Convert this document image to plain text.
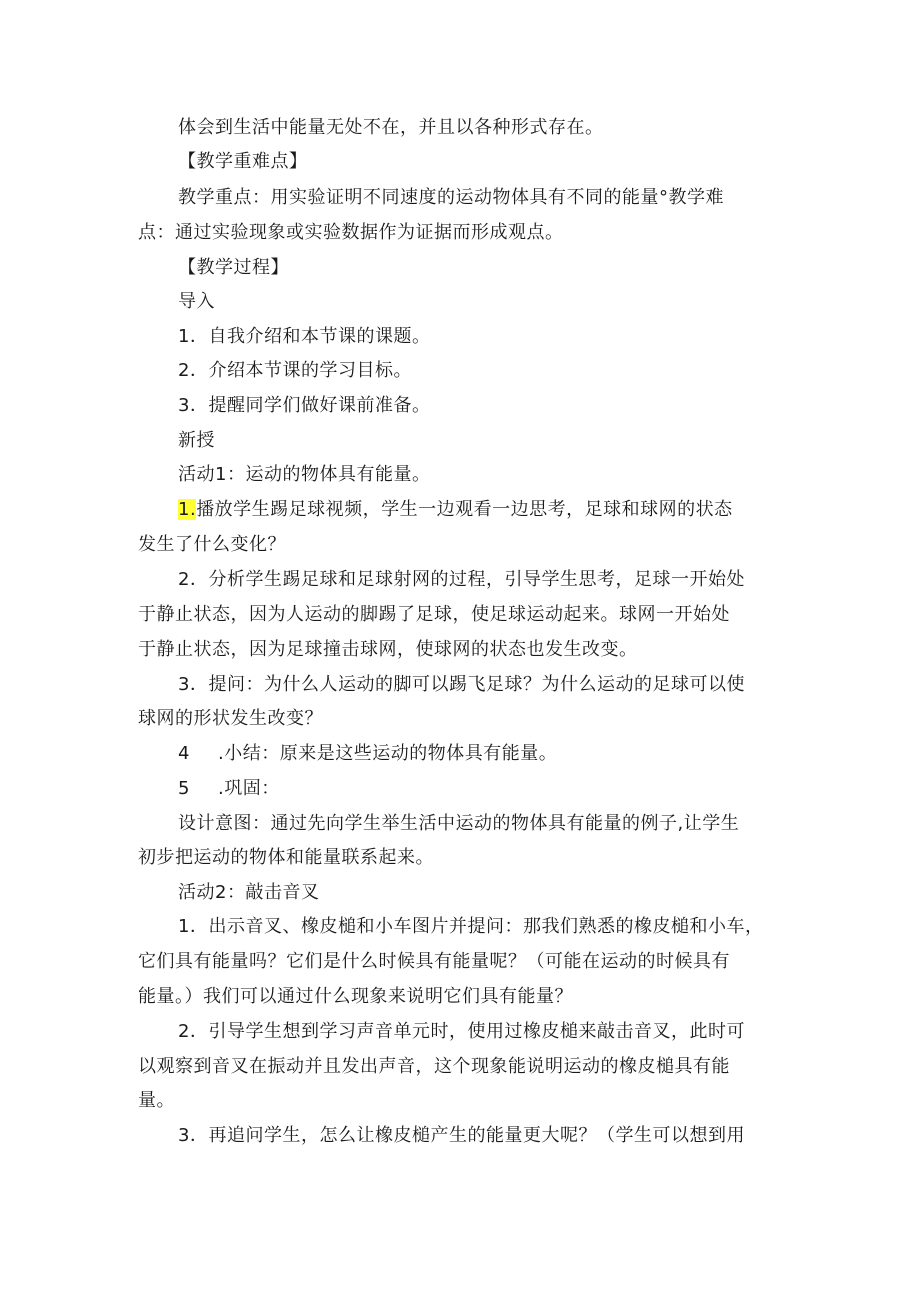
体会到生活中能量无处不在，并且以各种形式存在。
【教学重难点】
教学重点：用实验证明不同速度的运动物体具有不同的能量°教学难
点：通过实验现象或实验数据作为证据而形成观点。
【教学过程】
导入
1．自我介绍和本节课的课题。
2．介绍本节课的学习目标。
3．提醒同学们做好课前准备。
新授
活动1：运动的物体具有能量。
1.播放学生踢足球视频，学生一边观看一边思考，足球和球网的状态
发生了什么变化？
2．分析学生踢足球和足球射网的过程，引导学生思考，足球一开始处
于静止状态，因为人运动的脚踢了足球，使足球运动起来。球网一开始处
于静止状态，因为足球撞击球网，使球网的状态也发生改变。
3．提问：为什么人运动的脚可以踢飞足球？为什么运动的足球可以使
球网的形状发生改变？
4 .小结：原来是这些运动的物体具有能量。
5 .巩固：
设计意图：通过先向学生举生活中运动的物体具有能量的例子,让学生
初步把运动的物体和能量联系起来。
活动2：敲击音叉
1．出示音叉、橡皮槌和小车图片并提问：那我们熟悉的橡皮槌和小车，
它们具有能量吗？它们是什么时候具有能量呢？（可能在运动的时候具有
能量。）我们可以通过什么现象来说明它们具有能量？
2．引导学生想到学习声音单元时，使用过橡皮槌来敲击音叉，此时可
以观察到音叉在振动并且发出声音，这个现象能说明运动的橡皮槌具有能
量。
3．再追问学生，怎么让橡皮槌产生的能量更大呢？（学生可以想到用
